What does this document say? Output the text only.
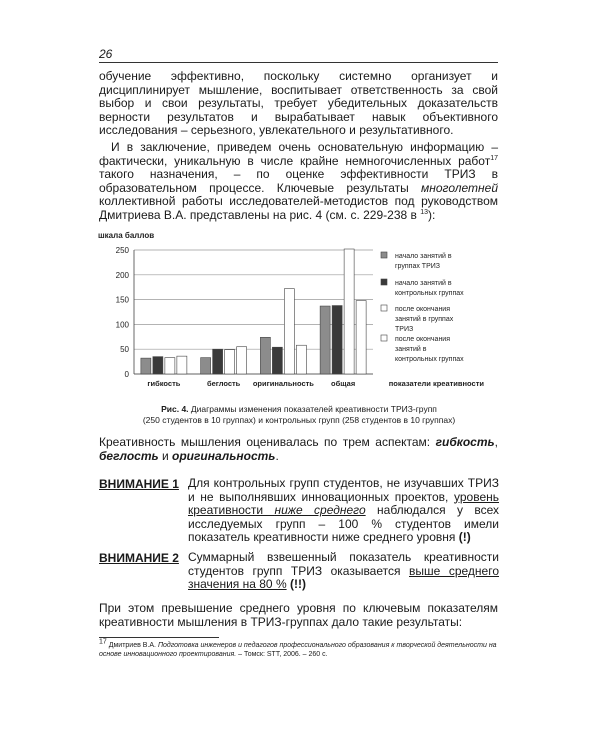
26

обучение эффективно, поскольку системно организует и дисциплинирует мышление, воспитывает ответственность за свой выбор и свои результаты, требует убедительных доказательств верности результатов и вырабатывает навык объективного исследования – серьезного, увлекательного и результативного.

И в заключение, приведем очень основательную информацию – фактически, уникальную в числе крайне немногочисленных работ$^{17}$ такого назначения, – по оценке эффективности ТРИЗ в образовательном процессе. Ключевые результаты многолетней коллективной работы исследователей-методистов под руководством Дмитриева В.А. представлены на рис. 4 (см. с. 229-238 в $^{13}$):

шкала баллов
0
50
100
150
200
250
гибкость	беглость оригинальность общая	показатели креативности
начало занятий в
группах ТРИЗ
начало занятий в
контрольных группах
после окончания
занятий в группах
ТРИЗ
после окончания
занятий в
контрольных группах
Рис. 4. Диаграммы изменения показателей креативности ТРИЗ-групп
(250 студентов в 10 группах) и контрольных групп (258 студентов в 10 группах)

Креативность мышления оценивалась по трем аспектам: гибкость, беглость и оригинальность.

ВНИМАНИЕ 1 Для контрольных групп студентов, не изучавших ТРИЗ и не выполнявших инновационных проектов, уровень креативности ниже среднего наблюдался у всех исследуемых групп – 100 % студентов имели показатель креативности ниже среднего уровня (!)
ВНИМАНИЕ 2 Суммарный взвешенный показатель креативности студентов групп ТРИЗ оказывается выше среднего значения на 80 % (!!)

При этом превышение среднего уровня по ключевым показателям креативности мышления в ТРИЗ-группах дало такие результаты:

$^{17}$ Дмитриев В.А. Подготовка инженеров и педагогов профессионального образования к творческой деятельности на основе инновационного проектирования. – Томск: STT, 2006. – 260 с.
